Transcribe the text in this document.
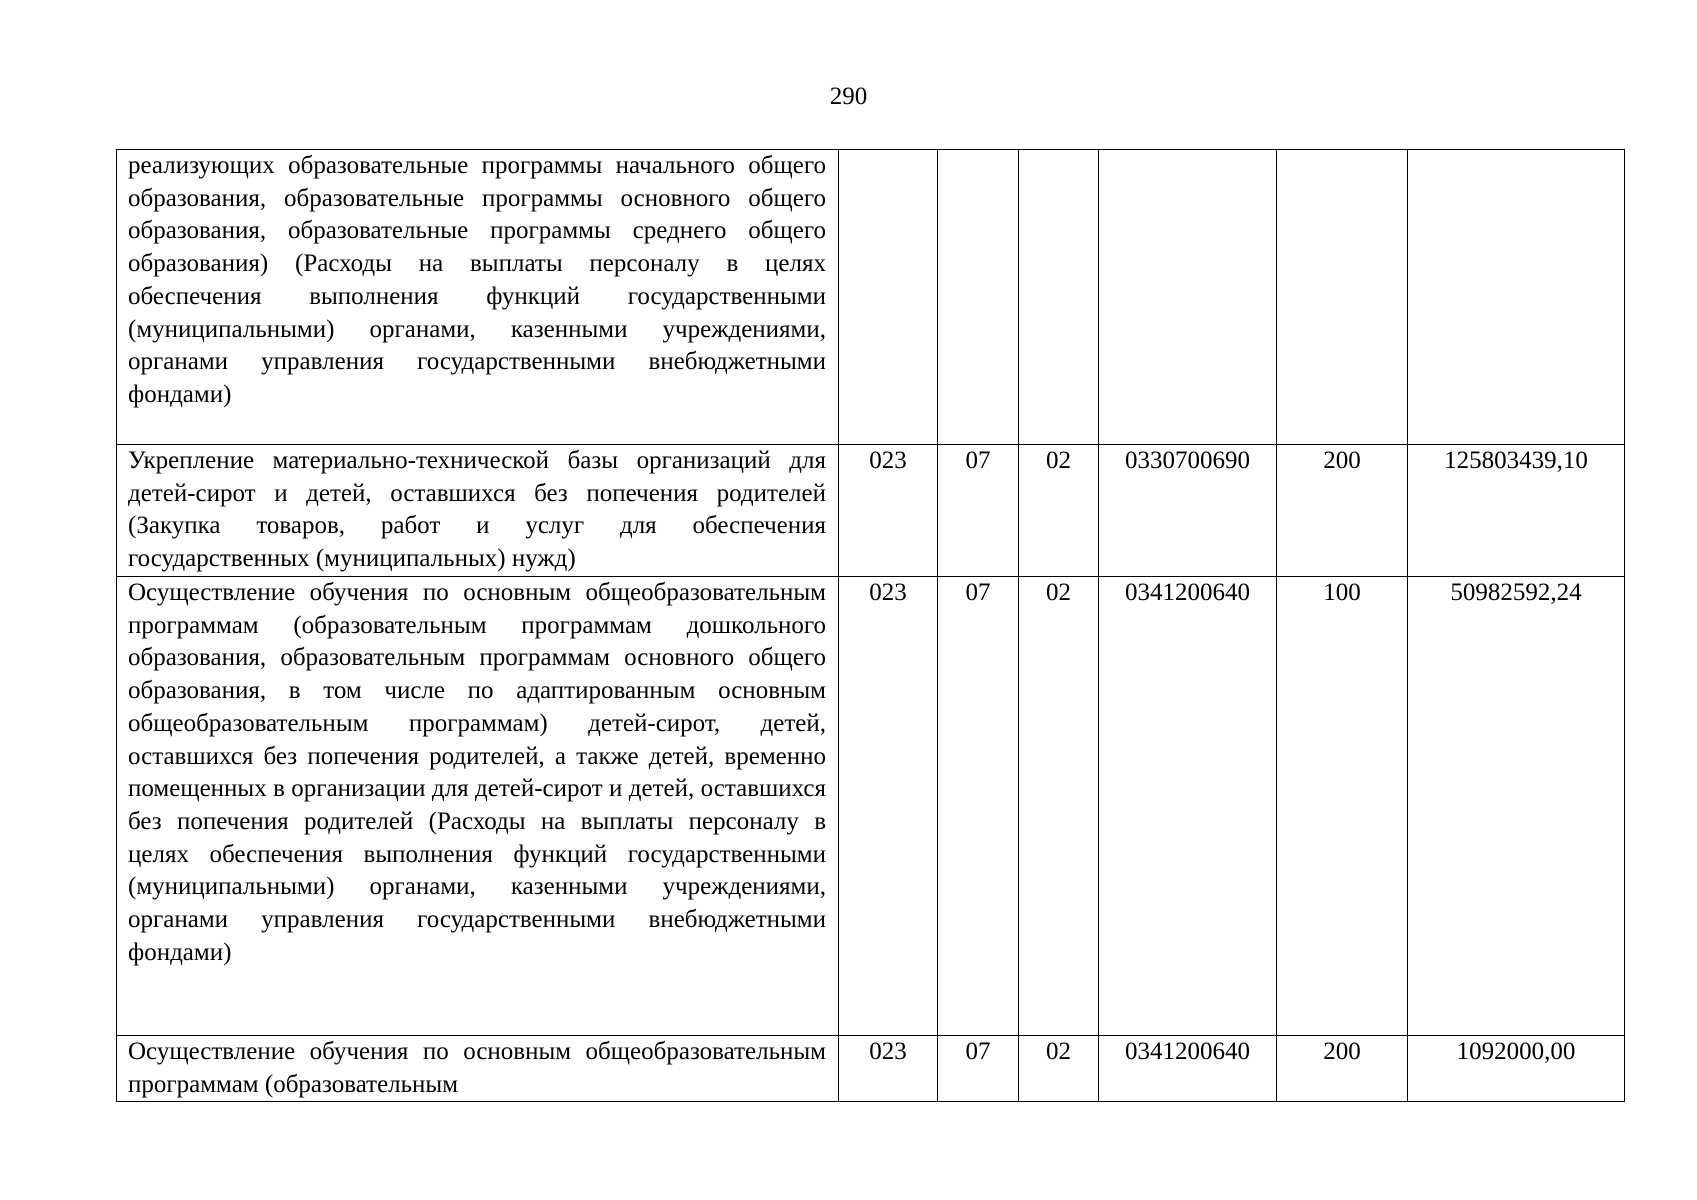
290
реализующих образовательные программы начального общего образования, образовательные программы основного общего образования, образовательные программы среднего общего образования) (Расходы на выплаты персоналу в целях обеспечения выполнения функций государственными (муниципальными) органами, казенными учреждениями, органами управления государственными внебюджетными фондами)						
Укрепление материально-технической базы организаций для детей-сирот и детей, оставшихся без попечения родителей (Закупка товаров, работ и услуг для обеспечения государственных (муниципальных) нужд)	023	07	02	0330700690	200	125803439,10
Осуществление обучения по основным общеобразовательным программам (образовательным программам дошкольного образования, образовательным программам основного общего образования, в том числе по адаптированным основным общеобразовательным программам) детей-сирот, детей, оставшихся без попечения родителей, а также детей, временно помещенных в организации для детей-сирот и детей, оставшихся без попечения родителей (Расходы на выплаты персоналу в целях обеспечения выполнения функций государственными (муниципальными) органами, казенными учреждениями, органами управления государственными внебюджетными фондами)	023	07	02	0341200640	100	50982592,24
Осуществление обучения по основным общеобразовательным программам (образовательным	023	07	02	0341200640	200	1092000,00
